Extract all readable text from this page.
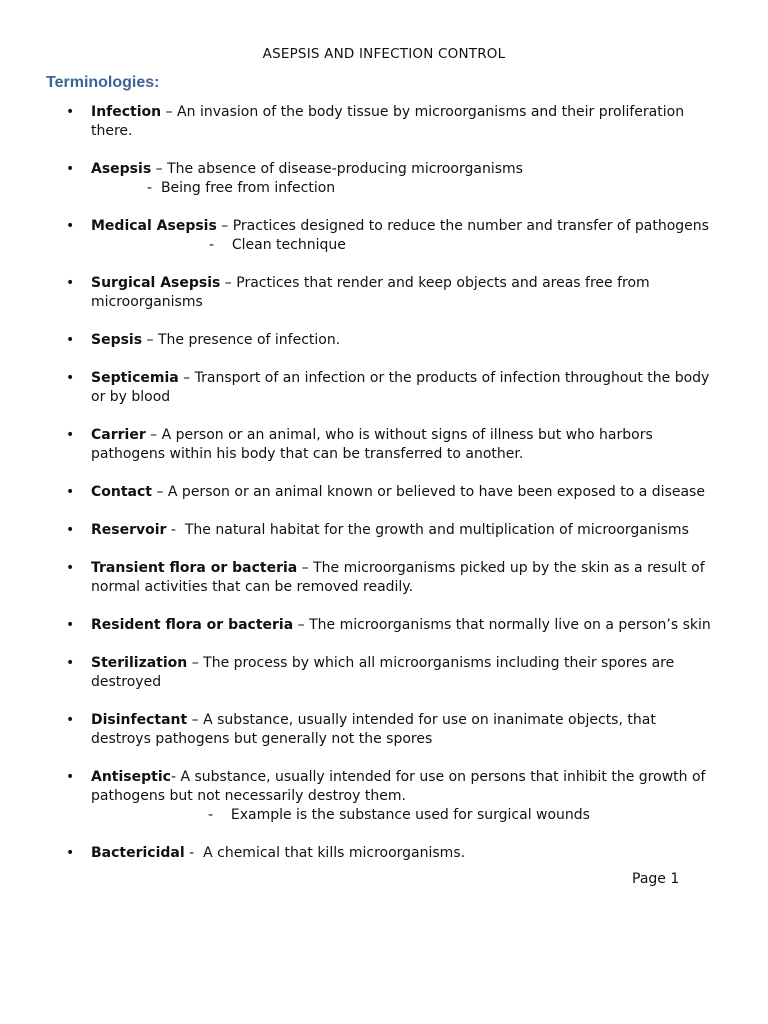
ASEPSIS AND INFECTION CONTROL
Terminologies:
• Infection – An invasion of the body tissue by microorganisms and their proliferation there.
• Asepsis – The absence of disease-producing microorganisms
-  Being free from infection
• Medical Asepsis – Practices designed to reduce the number and transfer of pathogens
-    Clean technique
• Surgical Asepsis – Practices that render and keep objects and areas free from microorganisms
• Sepsis – The presence of infection.
• Septicemia – Transport of an infection or the products of infection throughout the body or by blood
• Carrier – A person or an animal, who is without signs of illness but who harbors pathogens within his body that can be transferred to another.
• Contact – A person or an animal known or believed to have been exposed to a disease
• Reservoir -  The natural habitat for the growth and multiplication of microorganisms
• Transient flora or bacteria – The microorganisms picked up by the skin as a result of normal activities that can be removed readily.
• Resident flora or bacteria – The microorganisms that normally live on a person’s skin
• Sterilization – The process by which all microorganisms including their spores are destroyed
• Disinfectant – A substance, usually intended for use on inanimate objects, that destroys pathogens but generally not the spores
• Antiseptic- A substance, usually intended for use on persons that inhibit the growth of pathogens but not necessarily destroy them.
-    Example is the substance used for surgical wounds
• Bactericidal -  A chemical that kills microorganisms.
Page 1
